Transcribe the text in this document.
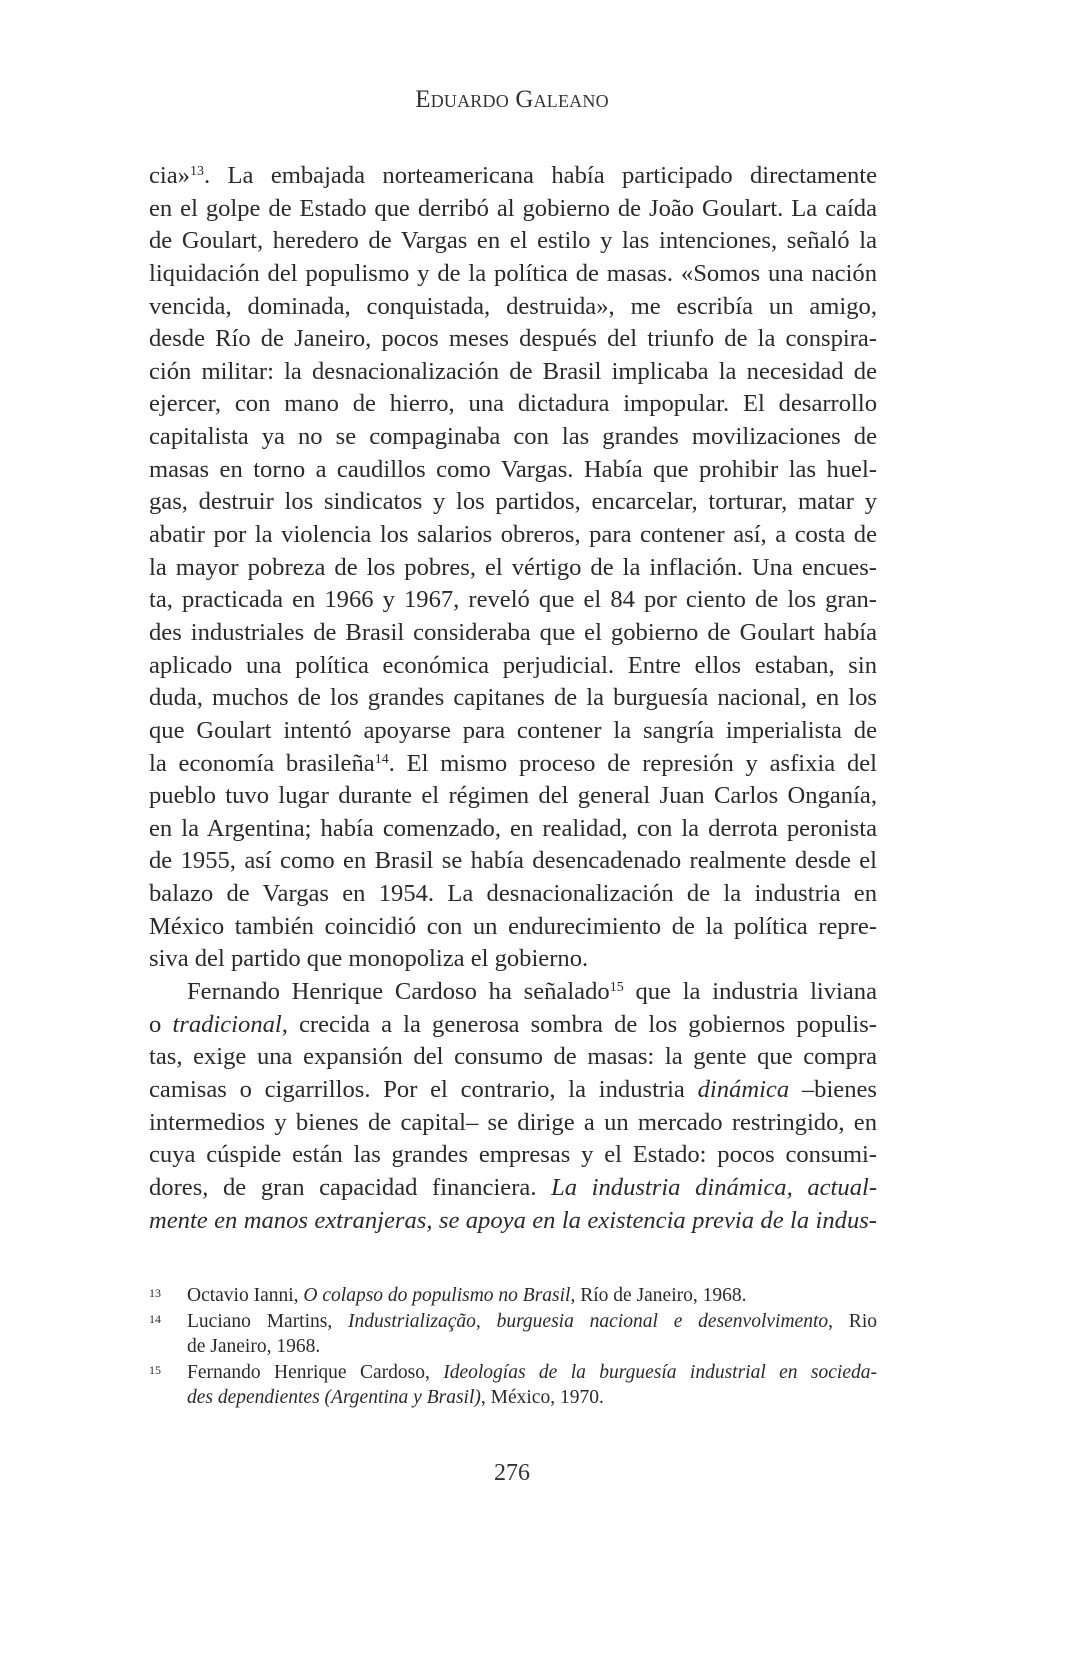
Eduardo Galeano
cia»$^{13}$. La embajada norteamericana había participado directamente
en el golpe de Estado que derribó al gobierno de João Goulart. La caída
de Goulart, heredero de Vargas en el estilo y las intenciones, señaló la
liquidación del populismo y de la política de masas. «Somos una nación
vencida, dominada, conquistada, destruida», me escribía un amigo,
desde Río de Janeiro, pocos meses después del triunfo de la conspira-
ción militar: la desnacionalización de Brasil implicaba la necesidad de
ejercer, con mano de hierro, una dictadura impopular. El desarrollo
capitalista ya no se compaginaba con las grandes movilizaciones de
masas en torno a caudillos como Vargas. Había que prohibir las huel-
gas, destruir los sindicatos y los partidos, encarcelar, torturar, matar y
abatir por la violencia los salarios obreros, para contener así, a costa de
la mayor pobreza de los pobres, el vértigo de la inflación. Una encues-
ta, practicada en 1966 y 1967, reveló que el 84 por ciento de los gran-
des industriales de Brasil consideraba que el gobierno de Goulart había
aplicado una política económica perjudicial. Entre ellos estaban, sin
duda, muchos de los grandes capitanes de la burguesía nacional, en los
que Goulart intentó apoyarse para contener la sangría imperialista de
la economía brasileña$^{14}$. El mismo proceso de represión y asfixia del
pueblo tuvo lugar durante el régimen del general Juan Carlos Onganía,
en la Argentina; había comenzado, en realidad, con la derrota peronista
de 1955, así como en Brasil se había desencadenado realmente desde el
balazo de Vargas en 1954. La desnacionalización de la industria en
México también coincidió con un endurecimiento de la política repre-
siva del partido que monopoliza el gobierno.
Fernando Henrique Cardoso ha señalado$^{15}$ que la industria liviana
o tradicional, crecida a la generosa sombra de los gobiernos populis-
tas, exige una expansión del consumo de masas: la gente que compra
camisas o cigarrillos. Por el contrario, la industria dinámica –bienes
intermedios y bienes de capital– se dirige a un mercado restringido, en
cuya cúspide están las grandes empresas y el Estado: pocos consumi-
dores, de gran capacidad financiera. La industria dinámica, actual-
mente en manos extranjeras, se apoya en la existencia previa de la indus-
13 Octavio Ianni, O colapso do populismo no Brasil, Río de Janeiro, 1968.
14 Luciano Martins, Industrialização, burguesia nacional e desenvolvimento, Rio
de Janeiro, 1968.
15 Fernando Henrique Cardoso, Ideologías de la burguesía industrial en socieda-
des dependientes (Argentina y Brasil), México, 1970.
276
